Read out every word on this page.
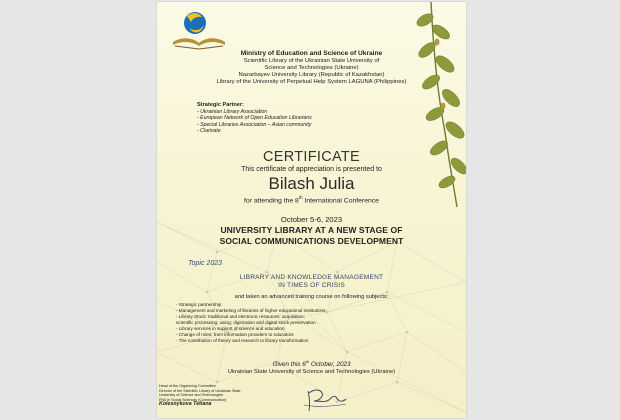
Ministry of Education and Science of Ukraine

Scientific Library of the Ukrainian State University of

Science and Technologies (Ukraine)

Nazarbayev University Library (Republic of Kazakhstan)

Library of the University of Perpetual Help System LAGUNA (Philippines)

Strategic Partner:
- Ukrainian Library Association
- European Network of Open Education Librarians
- Special Libraries Association – Asian community
- Clarivate

CERTIFICATE

This certificate of appreciation is presented to

Bilash Julia

for attending the 8th International Conference

October 5-6, 2023

UNIVERSITY LIBRARY AT A NEW STAGE OF
SOCIAL COMMUNICATIONS DEVELOPMENT

Topic 2023

LIBRARY AND KNOWLEDGE MANAGEMENT
IN TIMES OF CRISIS

and taken an advanced training course on following subjects:

- Strategic partnership
- Management and marketing of libraries of higher educational institutions
- Library Stock: traditional and electronic resources; acquisition;
scientific processing; using; digitization and digital stock preservation
- Library services in support of science and education
- Change of roles: from information providers to educators
- The contribution of theory and research to library transformation

Given this 6th October, 2023

Ukrainian State University of Science and Technologies (Ukraine)

Head of the Organizing Committee
Director of the Scientific Library of Ukrainian State
University of Science and Technologies
PhD in Social Sciences (Communication)
Kolesnykova Tetiana
